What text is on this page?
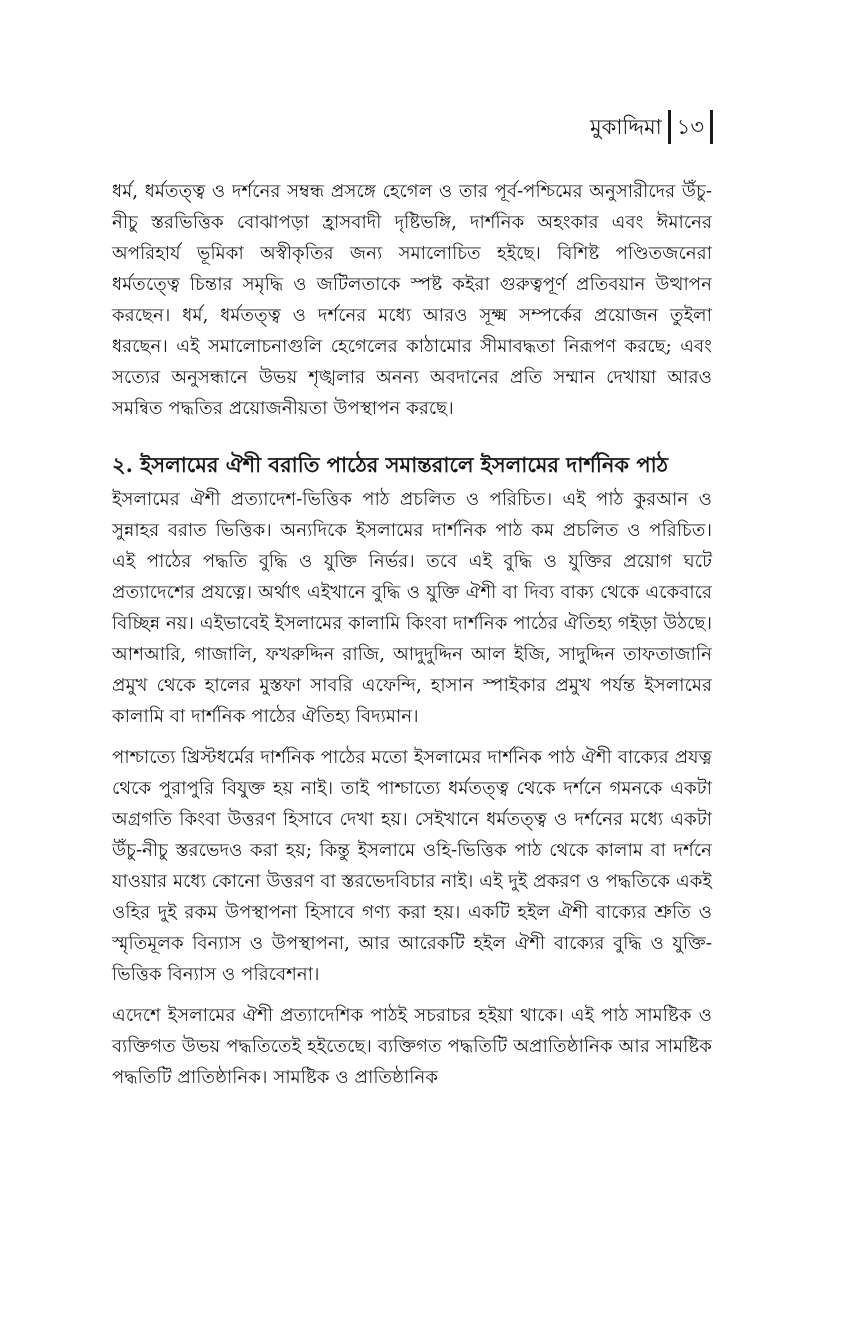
মুকাদ্দিমা ১৩

ধর্ম, ধর্মতত্ত্ব ও দর্শনের সম্বন্ধ প্রসঙ্গে হেগেল ও তার পূর্ব-পশ্চিমের অনুসারীদের উঁচু-নীচু স্তরভিত্তিক বোঝাপড়া হ্রাসবাদী দৃষ্টিভঙ্গি, দার্শনিক অহংকার এবং ঈমানের অপরিহার্য ভূমিকা অস্বীকৃতির জন্য সমালোচিত হইছে। বিশিষ্ট পণ্ডিতজনেরা ধর্মতত্ত্বে চিন্তার সমৃদ্ধি ও জটিলতাকে স্পষ্ট কইরা গুরুত্বপূর্ণ প্রতিবয়ান উত্থাপন করছেন। ধর্ম, ধর্মতত্ত্ব ও দর্শনের মধ্যে আরও সূক্ষ্ম সম্পর্কের প্রয়োজন তুইলা ধরছেন। এই সমালোচনাগুলি হেগেলের কাঠামোর সীমাবদ্ধতা নিরূপণ করছে; এবং সত্যের অনুসন্ধানে উভয় শৃঙ্খলার অনন্য অবদানের প্রতি সম্মান দেখায়া আরও সমন্বিত পদ্ধতির প্রয়োজনীয়তা উপস্থাপন করছে।

২. ইসলামের ঐশী বরাতি পাঠের সমান্তরালে ইসলামের দার্শনিক পাঠ

ইসলামের ঐশী প্রত্যাদেশ-ভিত্তিক পাঠ প্রচলিত ও পরিচিত। এই পাঠ কুরআন ও সুন্নাহর বরাত ভিত্তিক। অন্যদিকে ইসলামের দার্শনিক পাঠ কম প্রচলিত ও পরিচিত। এই পাঠের পদ্ধতি বুদ্ধি ও যুক্তি নির্ভর। তবে এই বুদ্ধি ও যুক্তির প্রয়োগ ঘটে প্রত্যাদেশের প্রযত্নে। অর্থাৎ এইখানে বুদ্ধি ও যুক্তি ঐশী বা দিব্য বাক্য থেকে একেবারে বিচ্ছিন্ন নয়। এইভাবেই ইসলামের কালামি কিংবা দার্শনিক পাঠের ঐতিহ্য গইড়া উঠছে। আশআরি, গাজালি, ফখরুদ্দিন রাজি, আদুদুদ্দিন আল ইজি, সাদুদ্দিন তাফতাজানি প্রমুখ থেকে হালের মুস্তফা সাবরি এফেন্দি, হাসান স্পাইকার প্রমুখ পর্যন্ত ইসলামের কালামি বা দার্শনিক পাঠের ঐতিহ্য বিদ্যমান।

পাশ্চাত্যে খ্রিস্টধর্মের দার্শনিক পাঠের মতো ইসলামের দার্শনিক পাঠ ঐশী বাক্যের প্রযত্ন থেকে পুরাপুরি বিযুক্ত হয় নাই। তাই পাশ্চাত্যে ধর্মতত্ত্ব থেকে দর্শনে গমনকে একটা অগ্রগতি কিংবা উত্তরণ হিসাবে দেখা হয়। সেইখানে ধর্মতত্ত্ব ও দর্শনের মধ্যে একটা উঁচু-নীচু স্তরভেদও করা হয়; কিন্তু ইসলামে ওহি-ভিত্তিক পাঠ থেকে কালাম বা দর্শনে যাওয়ার মধ্যে কোনো উত্তরণ বা স্তরভেদবিচার নাই। এই দুই প্রকরণ ও পদ্ধতিকে একই ওহির দুই রকম উপস্থাপনা হিসাবে গণ্য করা হয়। একটি হইল ঐশী বাক্যের শ্রুতি ও স্মৃতিমূলক বিন্যাস ও উপস্থাপনা, আর আরেকটি হইল ঐশী বাক্যের বুদ্ধি ও যুক্তি-ভিত্তিক বিন্যাস ও পরিবেশনা।

এদেশে ইসলামের ঐশী প্রত্যাদেশিক পাঠই সচরাচর হইয়া থাকে। এই পাঠ সামষ্টিক ও ব্যক্তিগত উভয় পদ্ধতিতেই হইতেছে। ব্যক্তিগত পদ্ধতিটি অপ্রাতিষ্ঠানিক আর সামষ্টিক পদ্ধতিটি প্রাতিষ্ঠানিক। সামষ্টিক ও প্রাতিষ্ঠানিক
